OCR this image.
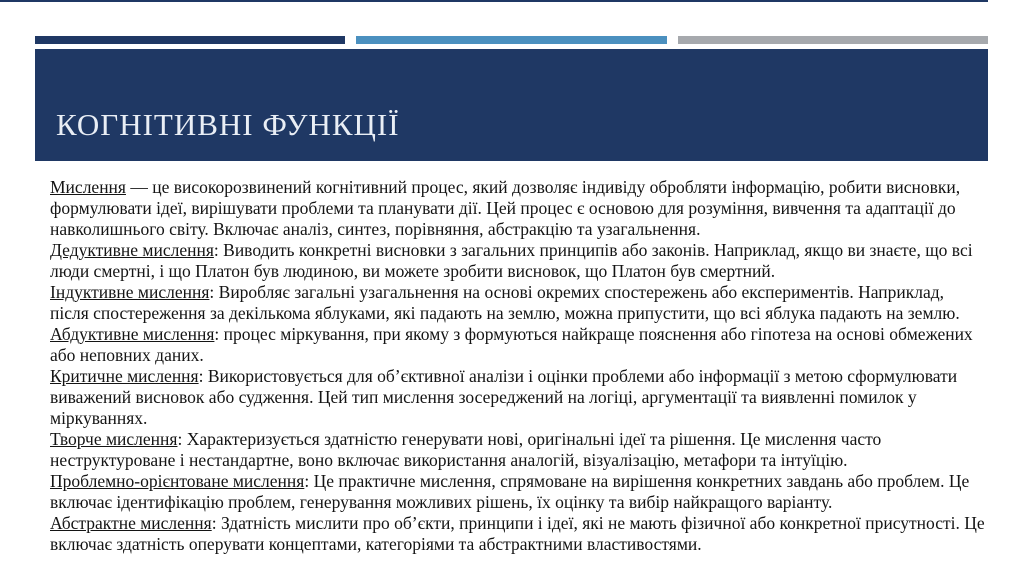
КОГНІТИВНІ ФУНКЦІЇ

Мислення — це високорозвинений когнітивний процес, який дозволяє індивіду обробляти інформацію, робити висновки, формулювати ідеї, вирішувати проблеми та планувати дії. Цей процес є основою для розуміння, вивчення та адаптації до навколишнього світу. Включає аналіз, синтез, порівняння, абстракцію та узагальнення.

Дедуктивне мислення: Виводить конкретні висновки з загальних принципів або законів. Наприклад, якщо ви знаєте, що всі люди смертні, і що Платон був людиною, ви можете зробити висновок, що Платон був смертний.

Індуктивне мислення: Виробляє загальні узагальнення на основі окремих спостережень або експериментів. Наприклад, після спостереження за декількома яблуками, які падають на землю, можна припустити, що всі яблука падають на землю.

Абдуктивне мислення: процес міркування, при якому з формуються найкраще пояснення або гіпотеза на основі обмежених або неповних даних.

Критичне мислення: Використовується для об’єктивної аналізи і оцінки проблеми або інформації з метою сформулювати виважений висновок або судження. Цей тип мислення зосереджений на логіці, аргументації та виявленні помилок у міркуваннях.

Творче мислення: Характеризується здатністю генерувати нові, оригінальні ідеї та рішення. Це мислення часто неструктуроване і нестандартне, воно включає використання аналогій, візуалізацію, метафори та інтуїцію.

Проблемно-орієнтоване мислення: Це практичне мислення, спрямоване на вирішення конкретних завдань або проблем. Це включає ідентифікацію проблем, генерування можливих рішень, їх оцінку та вибір найкращого варіанту.

Абстрактне мислення: Здатність мислити про об’єкти, принципи і ідеї, які не мають фізичної або конкретної присутності. Це включає здатність оперувати концептами, категоріями та абстрактними властивостями.
